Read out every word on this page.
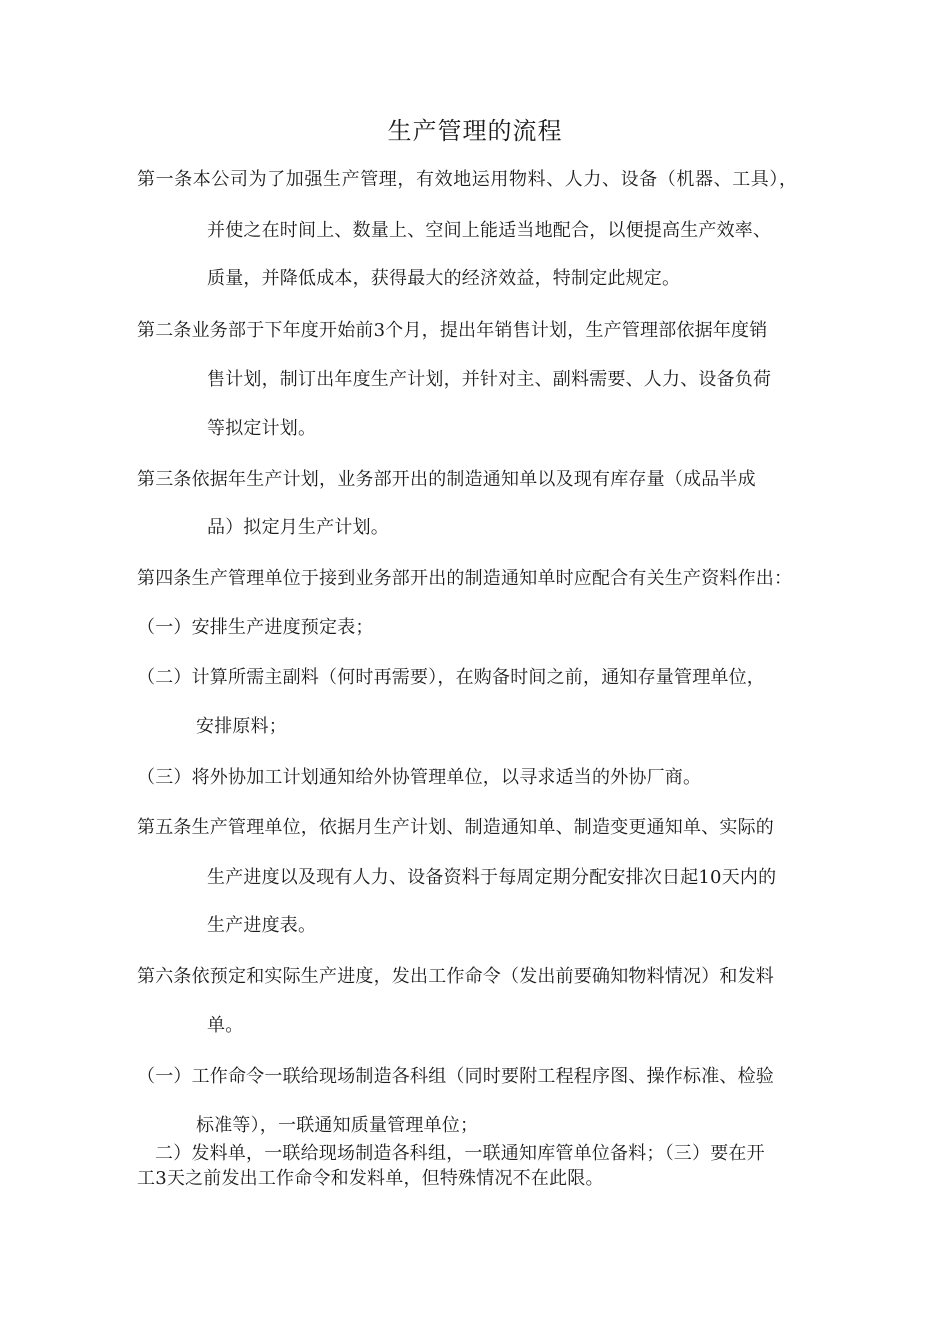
生产管理的流程
第一条本公司为了加强生产管理，有效地运用物料、人力、设备（机器、工具），
并使之在时间上、数量上、空间上能适当地配合，以便提高生产效率、
质量，并降低成本，获得最大的经济效益，特制定此规定。
第二条业务部于下年度开始前3个月，提出年销售计划，生产管理部依据年度销
售计划，制订出年度生产计划，并针对主、副料需要、人力、设备负荷
等拟定计划。
第三条依据年生产计划，业务部开出的制造通知单以及现有库存量（成品半成
品）拟定月生产计划。
第四条生产管理单位于接到业务部开出的制造通知单时应配合有关生产资料作出：
（一）安排生产进度预定表；
（二）计算所需主副料（何时再需要），在购备时间之前，通知存量管理单位，
安排原料；
（三）将外协加工计划通知给外协管理单位，以寻求适当的外协厂商。
第五条生产管理单位，依据月生产计划、制造通知单、制造变更通知单、实际的
生产进度以及现有人力、设备资料于每周定期分配安排次日起10天内的
生产进度表。
第六条依预定和实际生产进度，发出工作命令（发出前要确知物料情况）和发料
单。
（一）工作命令一联给现场制造各科组（同时要附工程程序图、操作标准、检验
标准等），一联通知质量管理单位；
二）发料单，一联给现场制造各科组，一联通知库管单位备料；（三）要在开
工3天之前发出工作命令和发料单，但特殊情况不在此限。
